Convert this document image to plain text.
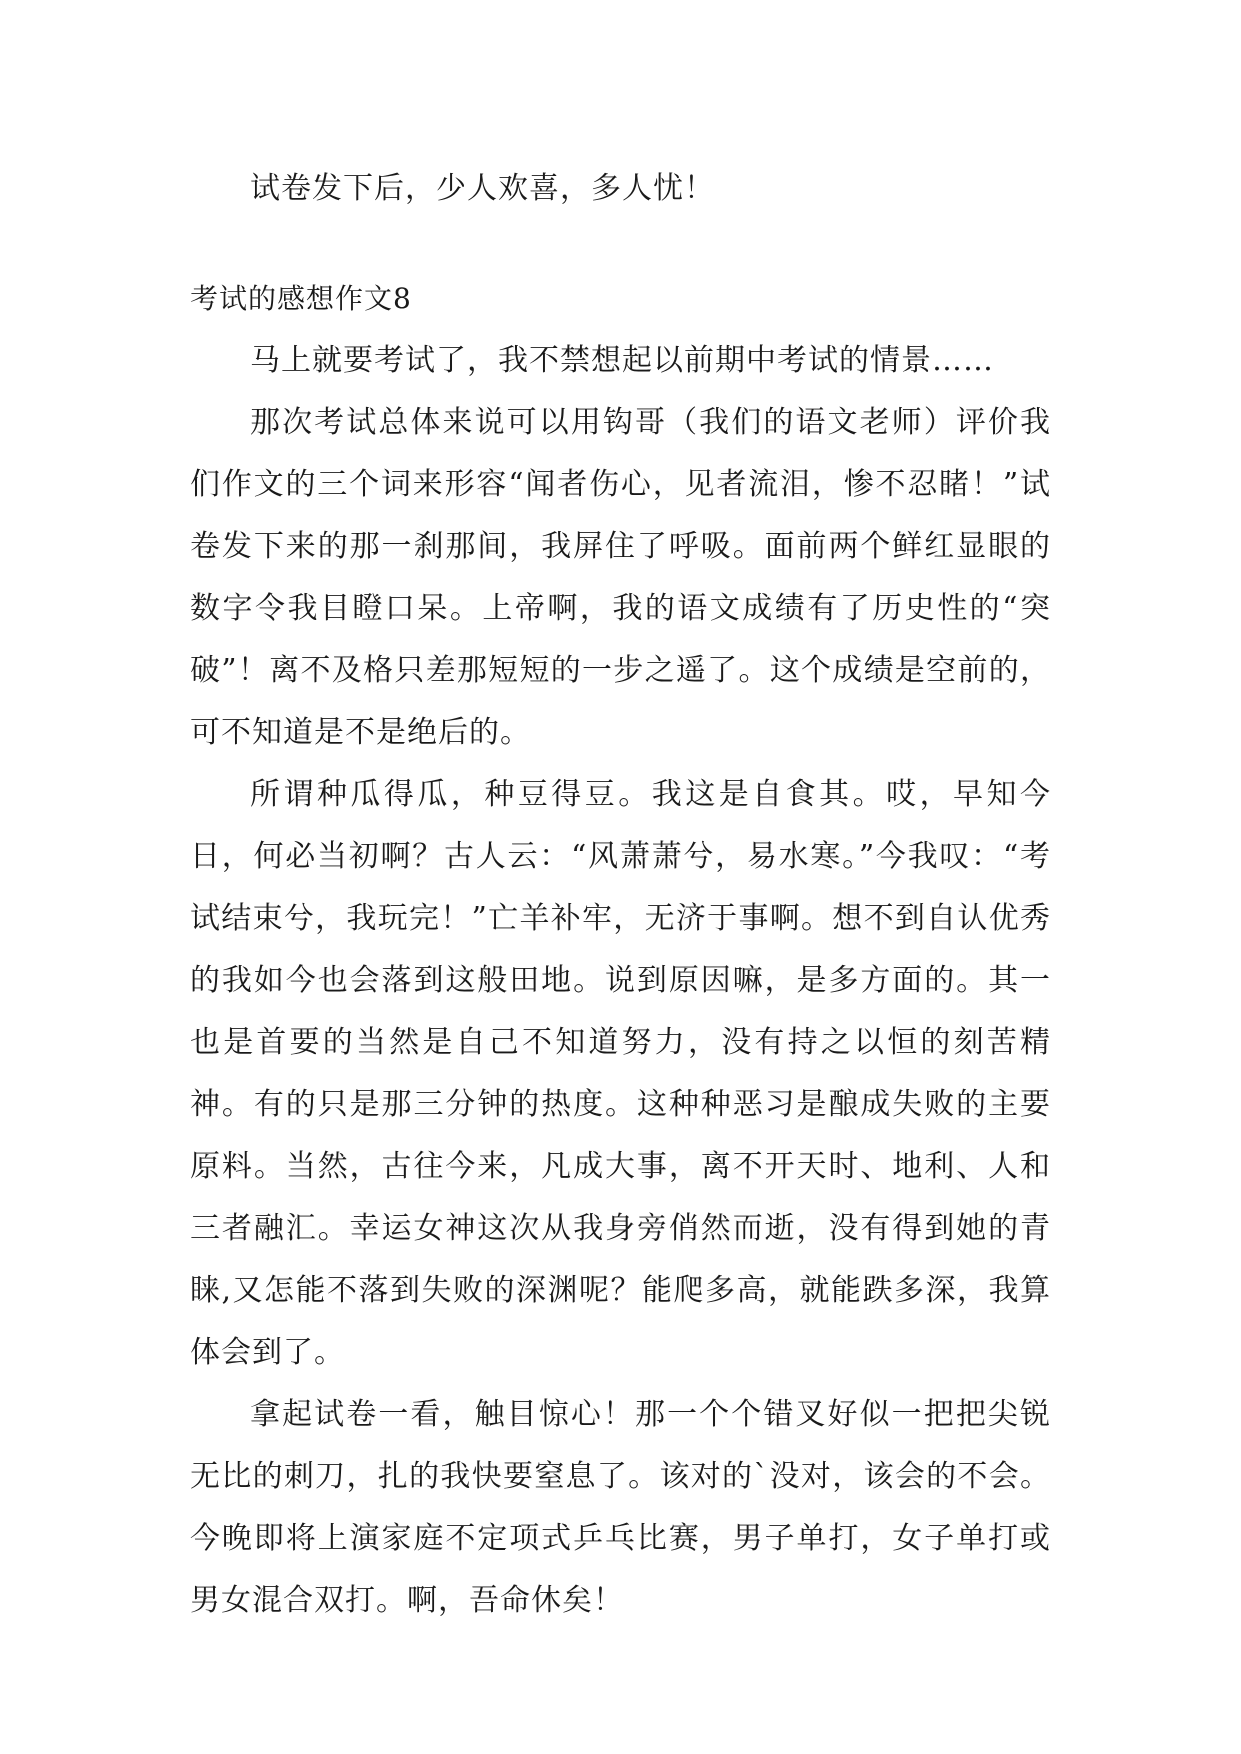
试卷发下后，少人欢喜，多人忧！

考试的感想作文8

马上就要考试了，我不禁想起以前期中考试的情景……

那次考试总体来说可以用钩哥（我们的语文老师）评价我们作文的三个词来形容“闻者伤心，见者流泪，惨不忍睹！”试卷发下来的那一刹那间，我屏住了呼吸。面前两个鲜红显眼的数字令我目瞪口呆。上帝啊，我的语文成绩有了历史性的“突破”！离不及格只差那短短的一步之遥了。这个成绩是空前的，可不知道是不是绝后的。

所谓种瓜得瓜，种豆得豆。我这是自食其。哎，早知今日，何必当初啊？古人云：“风萧萧兮，易水寒。”今我叹：“考试结束兮，我玩完！”亡羊补牢，无济于事啊。想不到自认优秀的我如今也会落到这般田地。说到原因嘛，是多方面的。其一也是首要的当然是自己不知道努力，没有持之以恒的刻苦精神。有的只是那三分钟的热度。这种种恶习是酿成失败的主要原料。当然，古往今来，凡成大事，离不开天时、地利、人和三者融汇。幸运女神这次从我身旁俏然而逝，没有得到她的青睐,又怎能不落到失败的深渊呢？能爬多高，就能跌多深，我算体会到了。

拿起试卷一看，触目惊心！那一个个错叉好似一把把尖锐无比的刺刀，扎的我快要窒息了。该对的`没对，该会的不会。今晚即将上演家庭不定项式乒乓比赛，男子单打，女子单打或男女混合双打。啊，吾命休矣！
